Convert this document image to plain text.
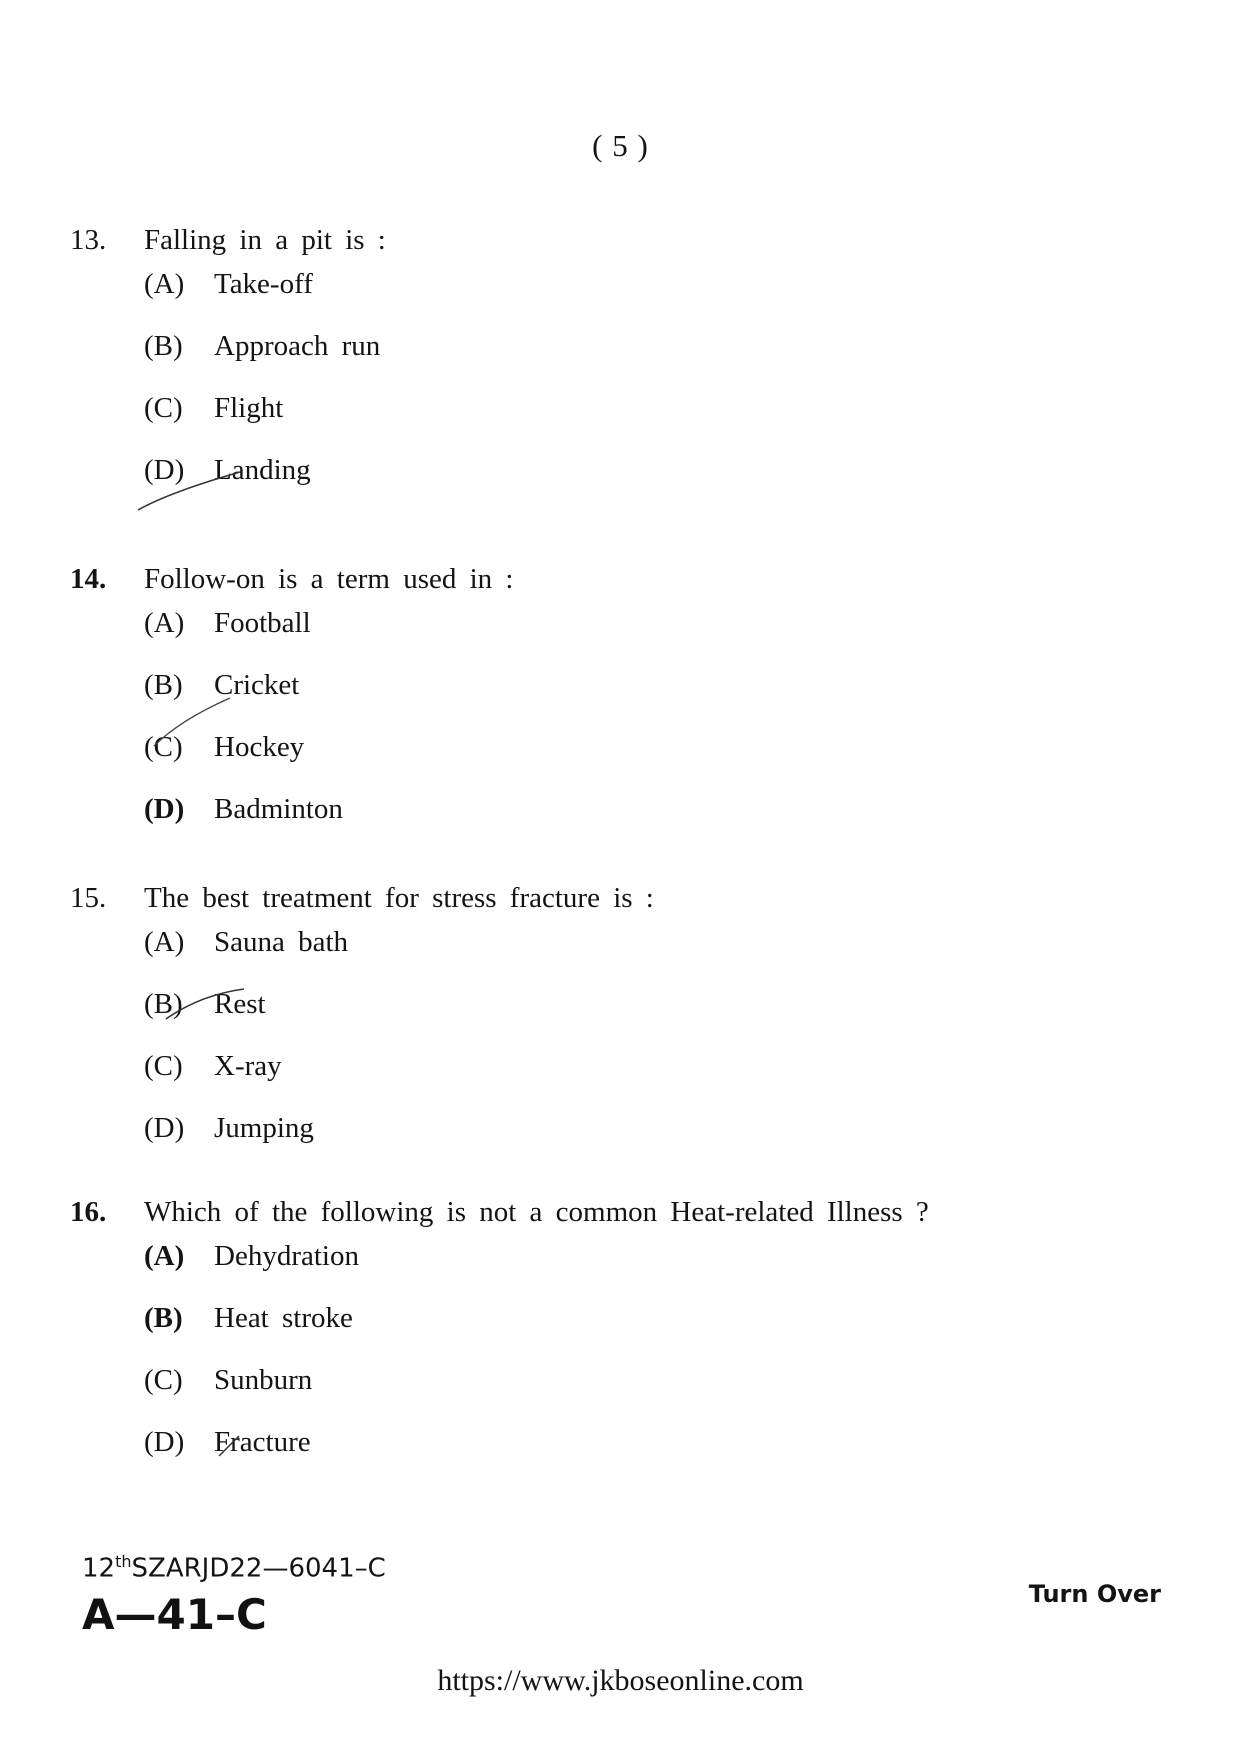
( 5 )
13.	Falling in a pit is :
(A)	Take-off
(B)	Approach run
(C)	Flight
(D)	Landing
14.	Follow-on is a term used in :
(A)	Football
(B)	Cricket
(C)	Hockey
(D)	Badminton
15.	The best treatment for stress fracture is :
(A)	Sauna bath
(B)	Rest
(C)	X-ray
(D)	Jumping
16.	Which of the following is not a common Heat-related Illness ?
(A)	Dehydration
(B)	Heat stroke
(C)	Sunburn
(D)	Fracture
12thSZARJD22—6041–C
A—41–C	Turn Over
https://www.jkboseonline.com
